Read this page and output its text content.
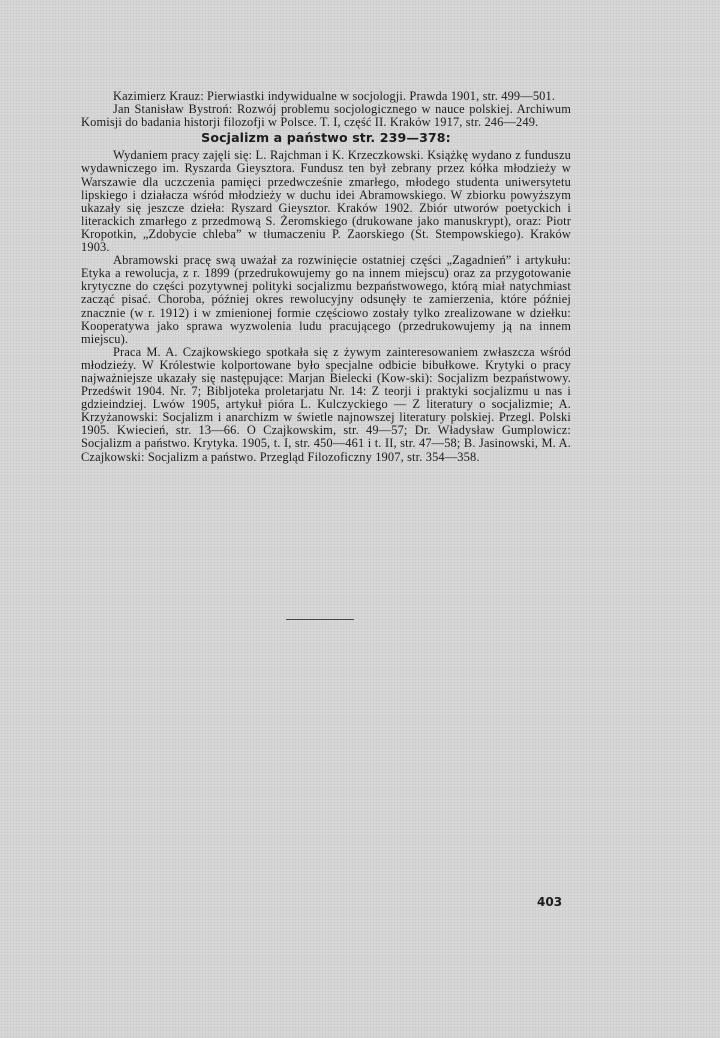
Kazimierz Krauz: Pierwiastki indywidualne w socjologji. Prawda 1901, str. 499—501.

Jan Stanisław Bystroń: Rozwój problemu socjologicznego w nauce polskiej. Archiwum Komisji do badania historji filozofji w Polsce. T. I, część II. Kraków 1917, str. 246—249.

Socjalizm a państwo str. 239—378:

Wydaniem pracy zajęli się: L. Rajchman i K. Krzeczkowski. Książkę wydano z funduszu wydawniczego im. Ryszarda Gieysztora. Fundusz ten był zebrany przez kółka młodzieży w Warszawie dla uczczenia pamięci przedwcześnie zmarłego, młodego studenta uniwersytetu lipskiego i działacza wśród młodzieży w duchu idei Abramowskiego. W zbiorku powyższym ukazały się jeszcze dzieła: Ryszard Gieysztor. Kraków 1902. Zbiór utworów poetyckich i literackich zmarłego z przedmową S. Żeromskiego (drukowane jako manuskrypt), oraz: Piotr Kropotkin, „Zdobycie chleba” w tłumaczeniu P. Zaorskiego (St. Stempowskiego). Kraków 1903.

Abramowski pracę swą uważał za rozwinięcie ostatniej części „Zagadnień” i artykułu: Etyka a rewolucja, z r. 1899 (przedrukowujemy go na innem miejscu) oraz za przygotowanie krytyczne do części pozytywnej polityki socjalizmu bezpaństwowego, którą miał natychmiast zacząć pisać. Choroba, później okres rewolucyjny odsunęły te zamierzenia, które później znacznie (w r. 1912) i w zmienionej formie częściowo zostały tylko zrealizowane w dziełku: Kooperatywa jako sprawa wyzwolenia ludu pracującego (przedrukowujemy ją na innem miejscu).

Praca M. A. Czajkowskiego spotkała się z żywym zainteresowaniem zwłaszcza wśród młodzieży. W Królestwie kolportowane było specjalne odbicie bibułkowe. Krytyki o pracy najważniejsze ukazały się następujące: Marjan Bielecki (Kow-ski): Socjalizm bezpaństwowy. Przedświt 1904. Nr. 7; Bibljoteka proletarjatu Nr. 14: Z teorji i praktyki socjalizmu u nas i gdzieindziej. Lwów 1905, artykuł pióra L. Kulczyckiego — Z literatury o socjalizmie; A. Krzyżanowski: Socjalizm i anarchizm w świetle najnowszej literatury polskiej. Przegl. Polski 1905. Kwiecień, str. 13—66. O Czajkowskim, str. 49—57; Dr. Władysław Gumplowicz: Socjalizm a państwo. Krytyka. 1905, t. I, str. 450—461 i t. II, str. 47—58; B. Jasinowski, M. A. Czajkowski: Socjalizm a państwo. Przegląd Filozoficzny 1907, str. 354—358.

403
